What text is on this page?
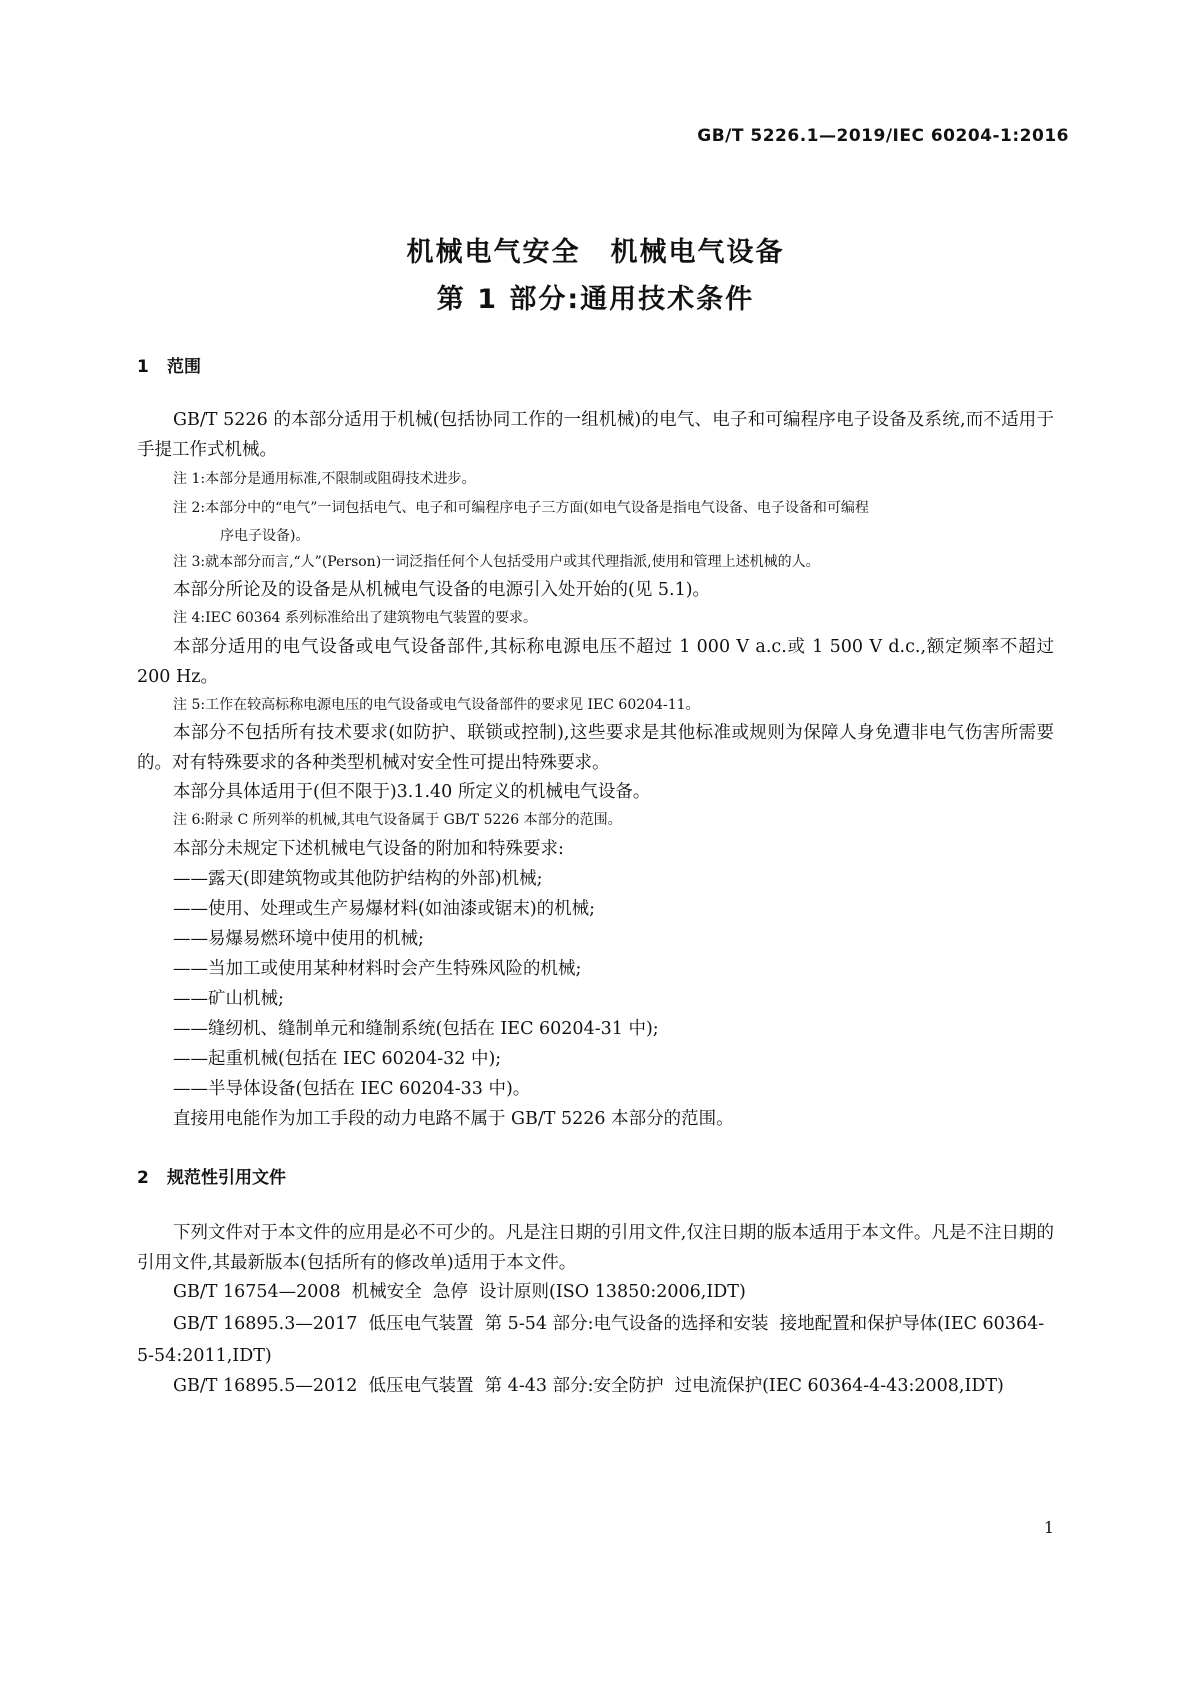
GB/T 5226.1—2019/IEC 60204-1:2016
机械电气安全 机械电气设备
第 1 部分:通用技术条件
1 范围
GB/T 5226 的本部分适用于机械(包括协同工作的一组机械)的电气、电子和可编程序电子设备及系统,而不适用于手提工作式机械。
注 1:本部分是通用标准,不限制或阻碍技术进步。
注 2:本部分中的“电气”一词包括电气、电子和可编程序电子三方面(如电气设备是指电气设备、电子设备和可编程
序电子设备)。
注 3:就本部分而言,“人”(Person)一词泛指任何个人包括受用户或其代理指派,使用和管理上述机械的人。
本部分所论及的设备是从机械电气设备的电源引入处开始的(见 5.1)。
注 4:IEC 60364 系列标准给出了建筑物电气装置的要求。
本部分适用的电气设备或电气设备部件,其标称电源电压不超过 1 000 V a.c.或 1 500 V d.c.,额定频率不超过 200 Hz。
注 5:工作在较高标称电源电压的电气设备或电气设备部件的要求见 IEC 60204-11。
本部分不包括所有技术要求(如防护、联锁或控制),这些要求是其他标准或规则为保障人身免遭非电气伤害所需要的。对有特殊要求的各种类型机械对安全性可提出特殊要求。
本部分具体适用于(但不限于)3.1.40 所定义的机械电气设备。
注 6:附录 C 所列举的机械,其电气设备属于 GB/T 5226 本部分的范围。
本部分未规定下述机械电气设备的附加和特殊要求:
——露天(即建筑物或其他防护结构的外部)机械;
——使用、处理或生产易爆材料(如油漆或锯末)的机械;
——易爆易燃环境中使用的机械;
——当加工或使用某种材料时会产生特殊风险的机械;
——矿山机械;
——缝纫机、缝制单元和缝制系统(包括在 IEC 60204-31 中);
——起重机械(包括在 IEC 60204-32 中);
——半导体设备(包括在 IEC 60204-33 中)。
直接用电能作为加工手段的动力电路不属于 GB/T 5226 本部分的范围。
2 规范性引用文件
下列文件对于本文件的应用是必不可少的。凡是注日期的引用文件,仅注日期的版本适用于本文件。凡是不注日期的引用文件,其最新版本(包括所有的修改单)适用于本文件。
GB/T 16754—2008  机械安全  急停  设计原则(ISO 13850:2006,IDT)
GB/T 16895.3—2017  低压电气装置  第 5-54 部分:电气设备的选择和安装  接地配置和保护导体(IEC 60364-5-54:2011,IDT)
GB/T 16895.5—2012  低压电气装置  第 4-43 部分:安全防护  过电流保护(IEC 60364-4-43:2008,IDT)
1
